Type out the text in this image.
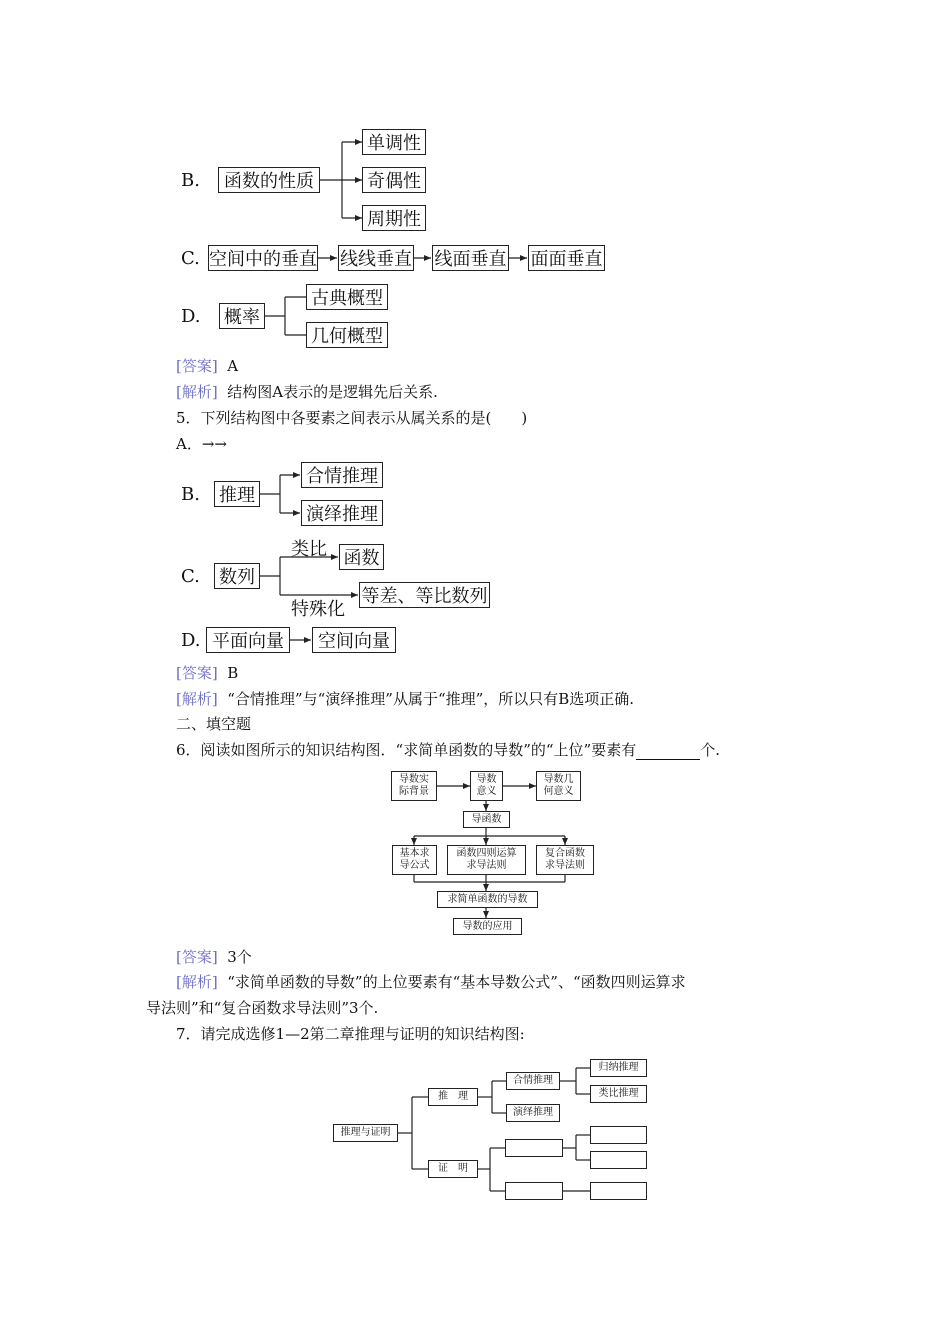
B.	函数的性质
单调性
奇偶性
周期性
C. 空间中的垂直 线线垂直 线面垂直 面面垂直
D. 概率
古典概型
几何概型
[答案] A
[解析] 结构图A表示的是逻辑先后关系.
5．下列结构图中各要素之间表示从属关系的是(　　)
A．→→
B. 推理
合情推理
演绎推理
C. 数列
类比
特殊化
函数
等差、等比数列
D. 平面向量	空间向量
[答案] B
[解析] “合情推理”与“演绎推理”从属于“推理”，所以只有B选项正确.
二、填空题
6．阅读如图所示的知识结构图．“求简单函数的导数”的“上位”要素有	个.
导数实
际背景
导数
意义
导数几
何意义
导函数
基本求
导公式
函数四则运算
求导法则
复合函数
求导法则
求简单函数的导数
导数的应用
[答案] 3个
[解析] “求简单函数的导数”的上位要素有“基本导数公式”、“函数四则运算求
导法则”和“复合函数求导法则”3个.
7．请完成选修1—2第二章推理与证明的知识结构图:
推理与证明
推　理
证　明
合情推理
演绎推理
归纳推理
类比推理
